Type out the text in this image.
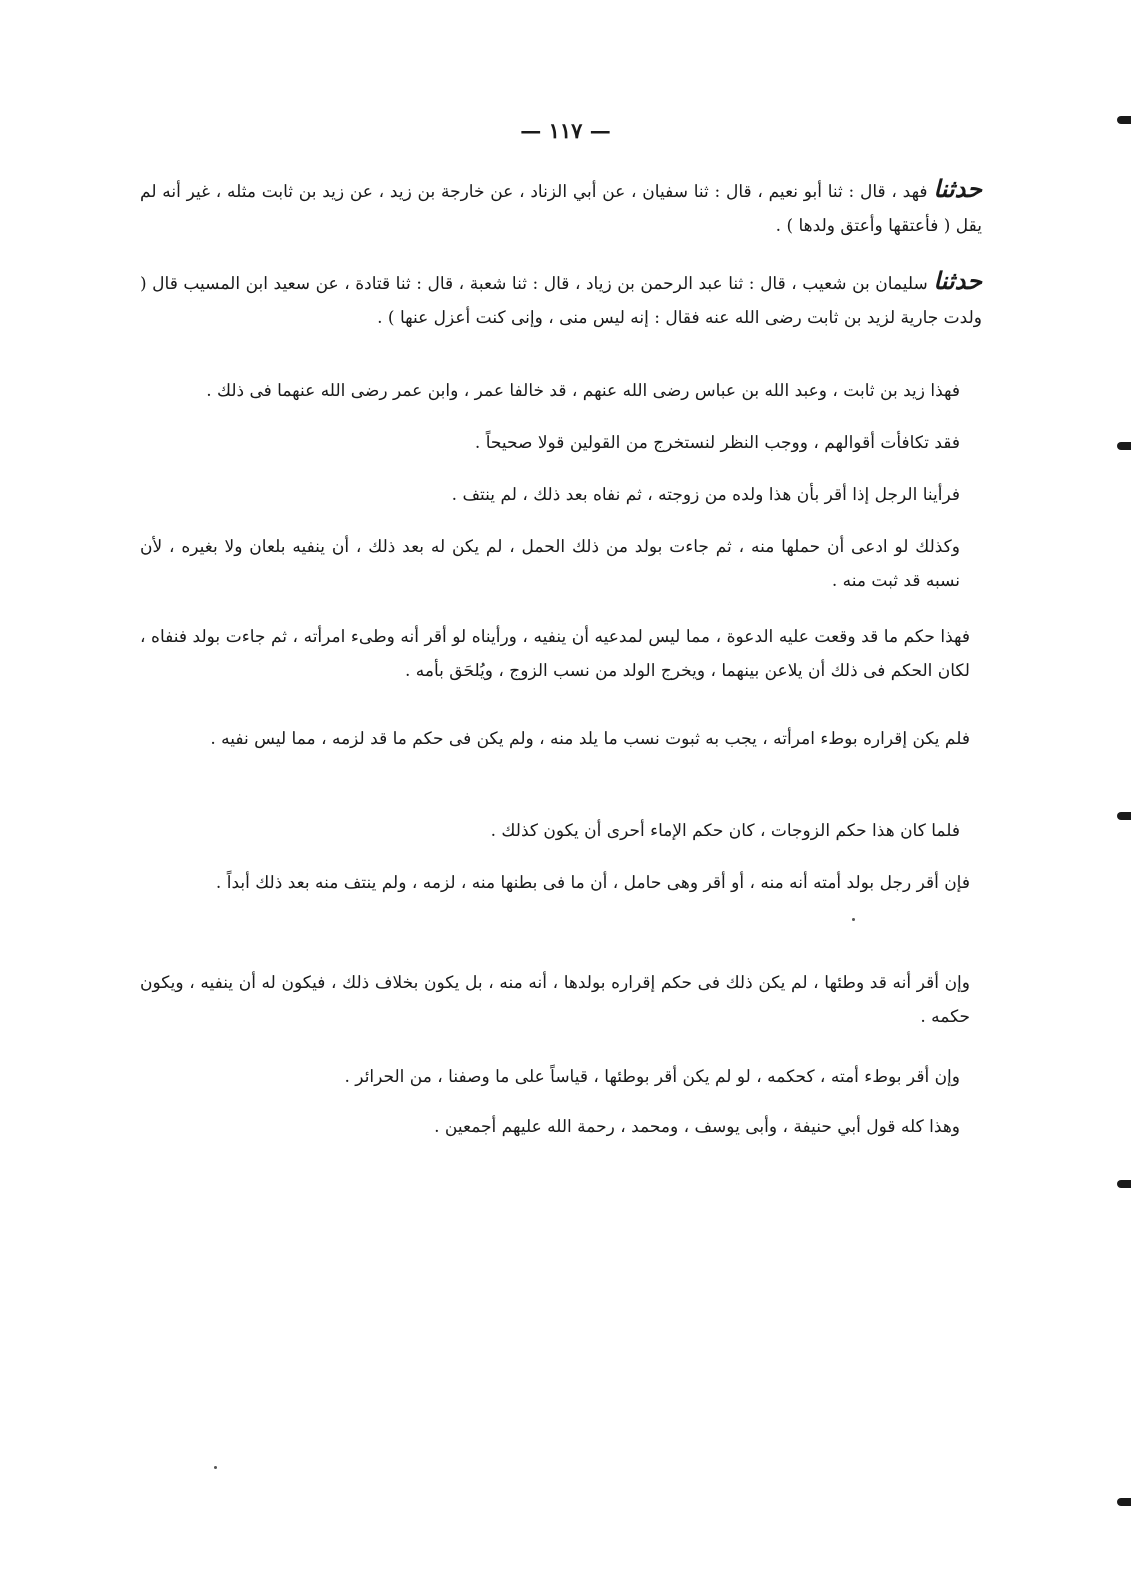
— ١١٧ —

حدثنا فهد ، قال : ثنا أبو نعيم ، قال : ثنا سفيان ، عن أبي الزناد ، عن خارجة بن زيد ، عن زيد بن ثابت مثله ، غير أنه لم يقل ( فأعتقها وأعتق ولدها ) .

حدثنا سليمان بن شعيب ، قال : ثنا عبد الرحمن بن زياد ، قال : ثنا شعبة ، قال : ثنا قتادة ، عن سعيد ابن المسيب قال ( ولدت جارية لزيد بن ثابت رضى الله عنه فقال : إنه ليس منى ، وإنى كنت أعزل عنها ) .

فهذا زيد بن ثابت ، وعبد الله بن عباس رضى الله عنهم ، قد خالفا عمر ، وابن عمر رضى الله عنهما فى ذلك .

فقد تكافأت أقوالهم ، ووجب النظر لنستخرج من القولين قولا صحيحاً .

فرأينا الرجل إذا أقر بأن هذا ولده من زوجته ، ثم نفاه بعد ذلك ، لم ينتف .

وكذلك لو ادعى أن حملها منه ، ثم جاءت بولد من ذلك الحمل ، لم يكن له بعد ذلك ، أن ينفيه بلعان ولا بغيره ، لأن نسبه قد ثبت منه .

فهذا حكم ما قد وقعت عليه الدعوة ، مما ليس لمدعيه أن ينفيه ، ورأيناه لو أقر أنه وطىء امرأته ، ثم جاءت بولد فنفاه ، لكان الحكم فى ذلك أن يلاعن بينهما ، ويخرج الولد من نسب الزوج ، ويُلحَق بأمه .

فلم يكن إقراره بوطء امرأته ، يجب به ثبوت نسب ما يلد منه ، ولم يكن فى حكم ما قد لزمه ، مما ليس نفيه .

فلما كان هذا حكم الزوجات ، كان حكم الإماء أحرى أن يكون كذلك .

فإن أقر رجل بولد أمته أنه منه ، أو أقر وهى حامل ، أن ما فى بطنها منه ، لزمه ، ولم ينتف منه بعد ذلك أبداً .

وإن أقر أنه قد وطئها ، لم يكن ذلك فى حكم إقراره بولدها ، أنه منه ، بل يكون بخلاف ذلك ، فيكون له أن ينفيه ، ويكون حكمه .

وإن أقر بوطء أمته ، كحكمه ، لو لم يكن أقر بوطئها ، قياساً على ما وصفنا ، من الحرائر .

وهذا كله قول أبي حنيفة ، وأبى يوسف ، ومحمد ، رحمة الله عليهم أجمعين .
